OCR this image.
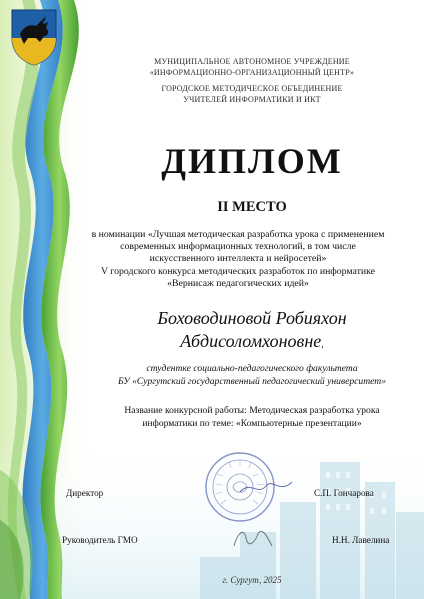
МУНИЦИПАЛЬНОЕ АВТОНОМНОЕ УЧРЕЖДЕНИЕ
«ИНФОРМАЦИОННО-ОРГАНИЗАЦИОННЫЙ ЦЕНТР»
ГОРОДСКОЕ МЕТОДИЧЕСКОЕ ОБЪЕДИНЕНИЕ
УЧИТЕЛЕЙ ИНФОРМАТИКИ И ИКТ
ДИПЛОМ
II МЕСТО
в номинации «Лучшая методическая разработка урока с применением
современных информационных технологий, в том числе
искусственного интеллекта и нейросетей»
V городского конкурса методических разработок по информатике
«Вернисаж педагогических идей»
Боховодиновой Робияхон
Абдисоломхоновне,
студентке социально-педагогического факультета
БУ «Сургутский государственный педагогический университет»
Название конкурсной работы: Методическая разработка урока
информатики по теме: «Компьютерные презентации»
Директор	С.П. Гончарова
Руководитель ГМО	Н.Н. Лавелина
г. Сургут, 2025
